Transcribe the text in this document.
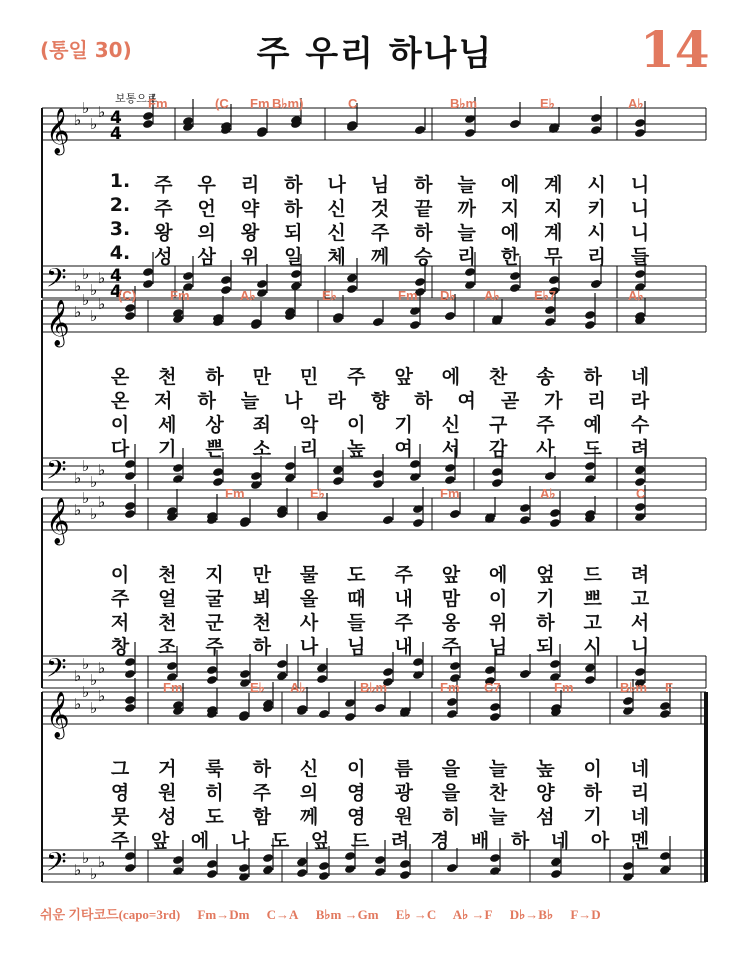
(통일 30)	주 우리 하나님	14
보통으로
𝄞
𝄢
♭
♭
♭
♭
♭
♭
♭
♭
4
4
4
4
Fm	(C Fm B♭m)	C	B♭m	E♭	A♭
1. 주 우 리 하 나 님 하 늘 에 계 시 니
2. 주 언 약 하 신 것 끝 까 지 지 키 니
3. 왕 의 왕 되 신 주 하 늘 에 계 시 니
4. 성 삼 위 일 체 께 승 리 한 무 리 들
𝄞
𝄢
♭
♭
♭
♭
♭
♭
♭
♭
(C)	Fm	A♭	E♭	Fm D♭ A♭	E♭7	A♭
온 천 하 만 민 주 앞 에 찬 송 하 네
온 저 하 늘 나 라 향 하 여 곧 가 리 라
이 세 상 죄 악 이 기 신 구 주 예 수
다 기 쁜 소 리 높 여 서 감 사 드 려
𝄞
𝄢
♭
♭
♭
♭
♭
♭
♭
♭
Fm	E♭	Fm	A♭	C
이 천 지 만 물 도 주 앞 에 엎 드 려
주 얼 굴 뵈 올 때 내 맘 이 기 쁘 고
저 천 군 천 사 들 주 옹 위 하 고 서
창 조 주 하 나 님 내 주 님 되 시 니
𝄞
𝄢
♭
♭
♭
♭
♭
♭
♭
♭
Fm	E♭ A♭	B♭m	Fm C7	Fm	B♭m F
그 거 룩 하 신 이 름 을 늘 높 이 네
영 원 히 주 의 영 광 을 찬 양 하 리
뭇 성 도 함 께 영 원 히 늘 섬 기 네
주 앞 에 나 도 엎 드 려 경 배 하 네 아 멘
쉬운 기타코드(capo=3rd) Fm→Dm C→A B♭m →Gm E♭ →C A♭ →F D♭→B♭ F→D
